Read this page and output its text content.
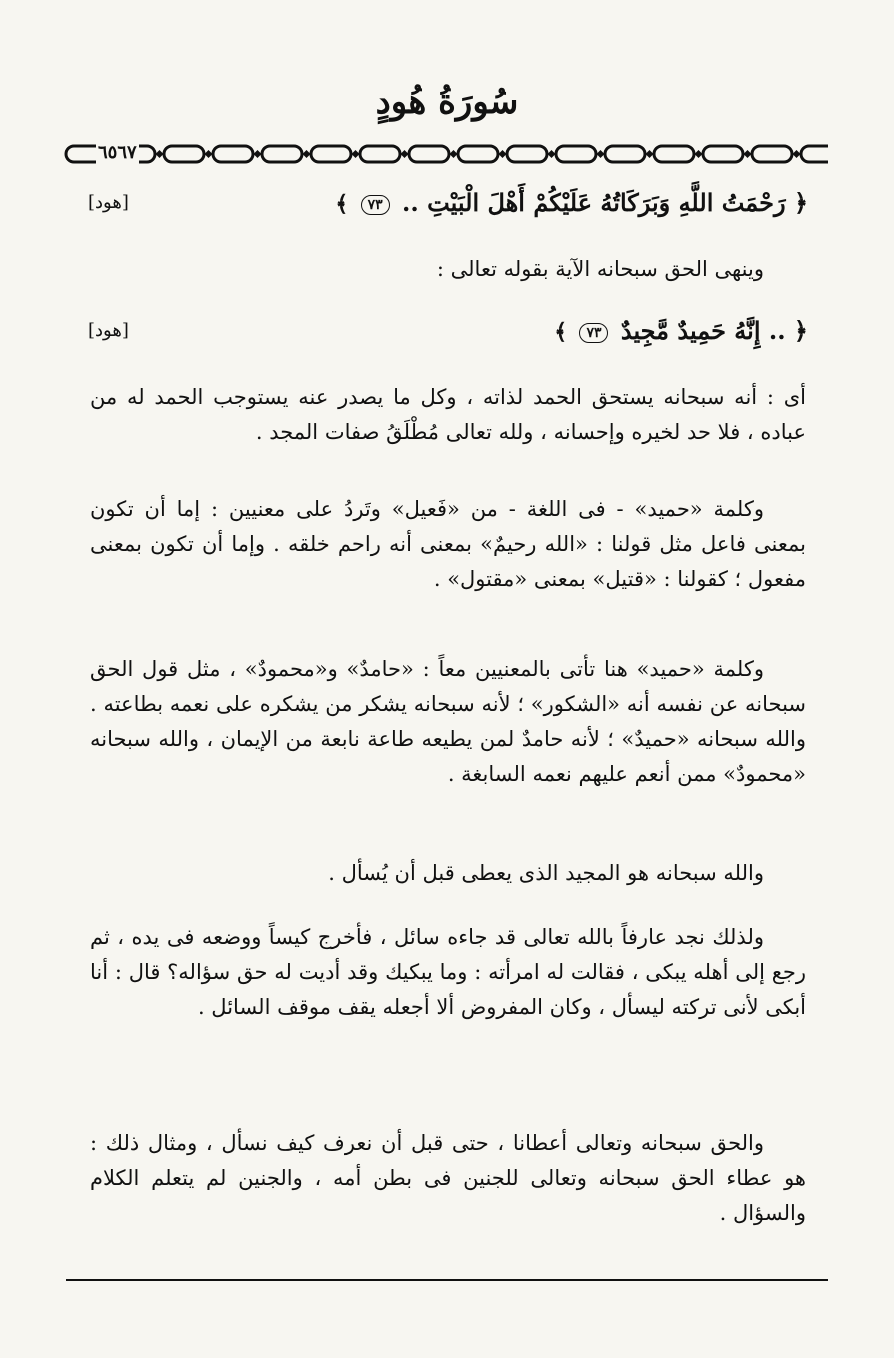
سُورَةُ هُودٍ
٦٥٦٧
﴿ رَحْمَتُ اللَّهِ وَبَرَكَاتُهُ عَلَيْكُمْ أَهْلَ الْبَيْتِ .. ٧٣ ﴾
[هود]

وينهى الحق سبحانه الآية بقوله تعالى :

﴿ .. إِنَّهُ حَمِيدٌ مَّجِيدٌ ٧٣ ﴾
[هود]

أى : أنه سبحانه يستحق الحمد لذاته ، وكل ما يصدر عنه يستوجب الحمد له من عباده ، فلا حد لخيره وإحسانه ، ولله تعالى مُطْلَقُ صفات المجد .

وكلمة «حميد» - فى اللغة - من «فَعيل» وتَردُ على معنيين : إما أن تكون بمعنى فاعل مثل قولنا : «الله رحيمٌ» بمعنى أنه راحم خلقه . وإما أن تكون بمعنى مفعول ؛ كقولنا : «قتيل» بمعنى «مقتول» .

وكلمة «حميد» هنا تأتى بالمعنيين معاً : «حامدٌ» و«محمودٌ» ، مثل قول الحق سبحانه عن نفسه أنه «الشكور» ؛ لأنه سبحانه يشكر من يشكره على نعمه بطاعته . والله سبحانه «حميدٌ» ؛ لأنه حامدٌ لمن يطيعه طاعة نابعة من الإيمان ، والله سبحانه «محمودٌ» ممن أنعم عليهم نعمه السابغة .

والله سبحانه هو المجيد الذى يعطى قبل أن يُسأل .

ولذلك نجد عارفاً بالله تعالى قد جاءه سائل ، فأخرج كيساً ووضعه فى يده ، ثم رجع إلى أهله يبكى ، فقالت له امرأته : وما يبكيك وقد أديت له حق سؤاله؟ قال : أنا أبكى لأنى تركته ليسأل ، وكان المفروض ألا أجعله يقف موقف السائل .

والحق سبحانه وتعالى أعطانا ، حتى قبل أن نعرف كيف نسأل ، ومثال ذلك : هو عطاء الحق سبحانه وتعالى للجنين فى بطن أمه ، والجنين لم يتعلم الكلام والسؤال .
